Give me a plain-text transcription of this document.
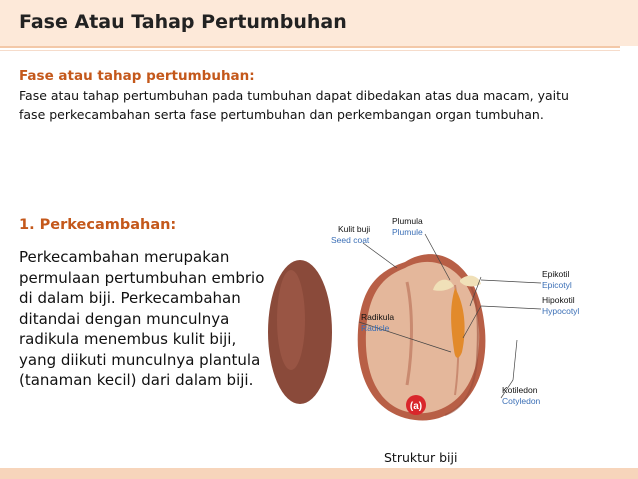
Fase Atau Tahap Pertumbuhan
Fase atau tahap pertumbuhan:
Fase atau tahap pertumbuhan pada tumbuhan dapat dibedakan atas dua macam, yaitu fase perkecambahan serta fase pertumbuhan dan perkembangan organ tumbuhan.
1. Perkecambahan:
Perkecambahan merupakan permulaan pertumbuhan embrio di dalam biji. Perkecambahan ditandai dengan munculnya radikula menembus kulit biji, yang diikuti munculnya plantula (tanaman kecil) dari dalam biji.
Kulit buji
Seed coat
Plumula
Plumule
Epikotil
Epicotyl
Hipokotil
Hypocotyl
Radikula
Radicle
Kotiledon
Cotyledon
(a)
Struktur biji
